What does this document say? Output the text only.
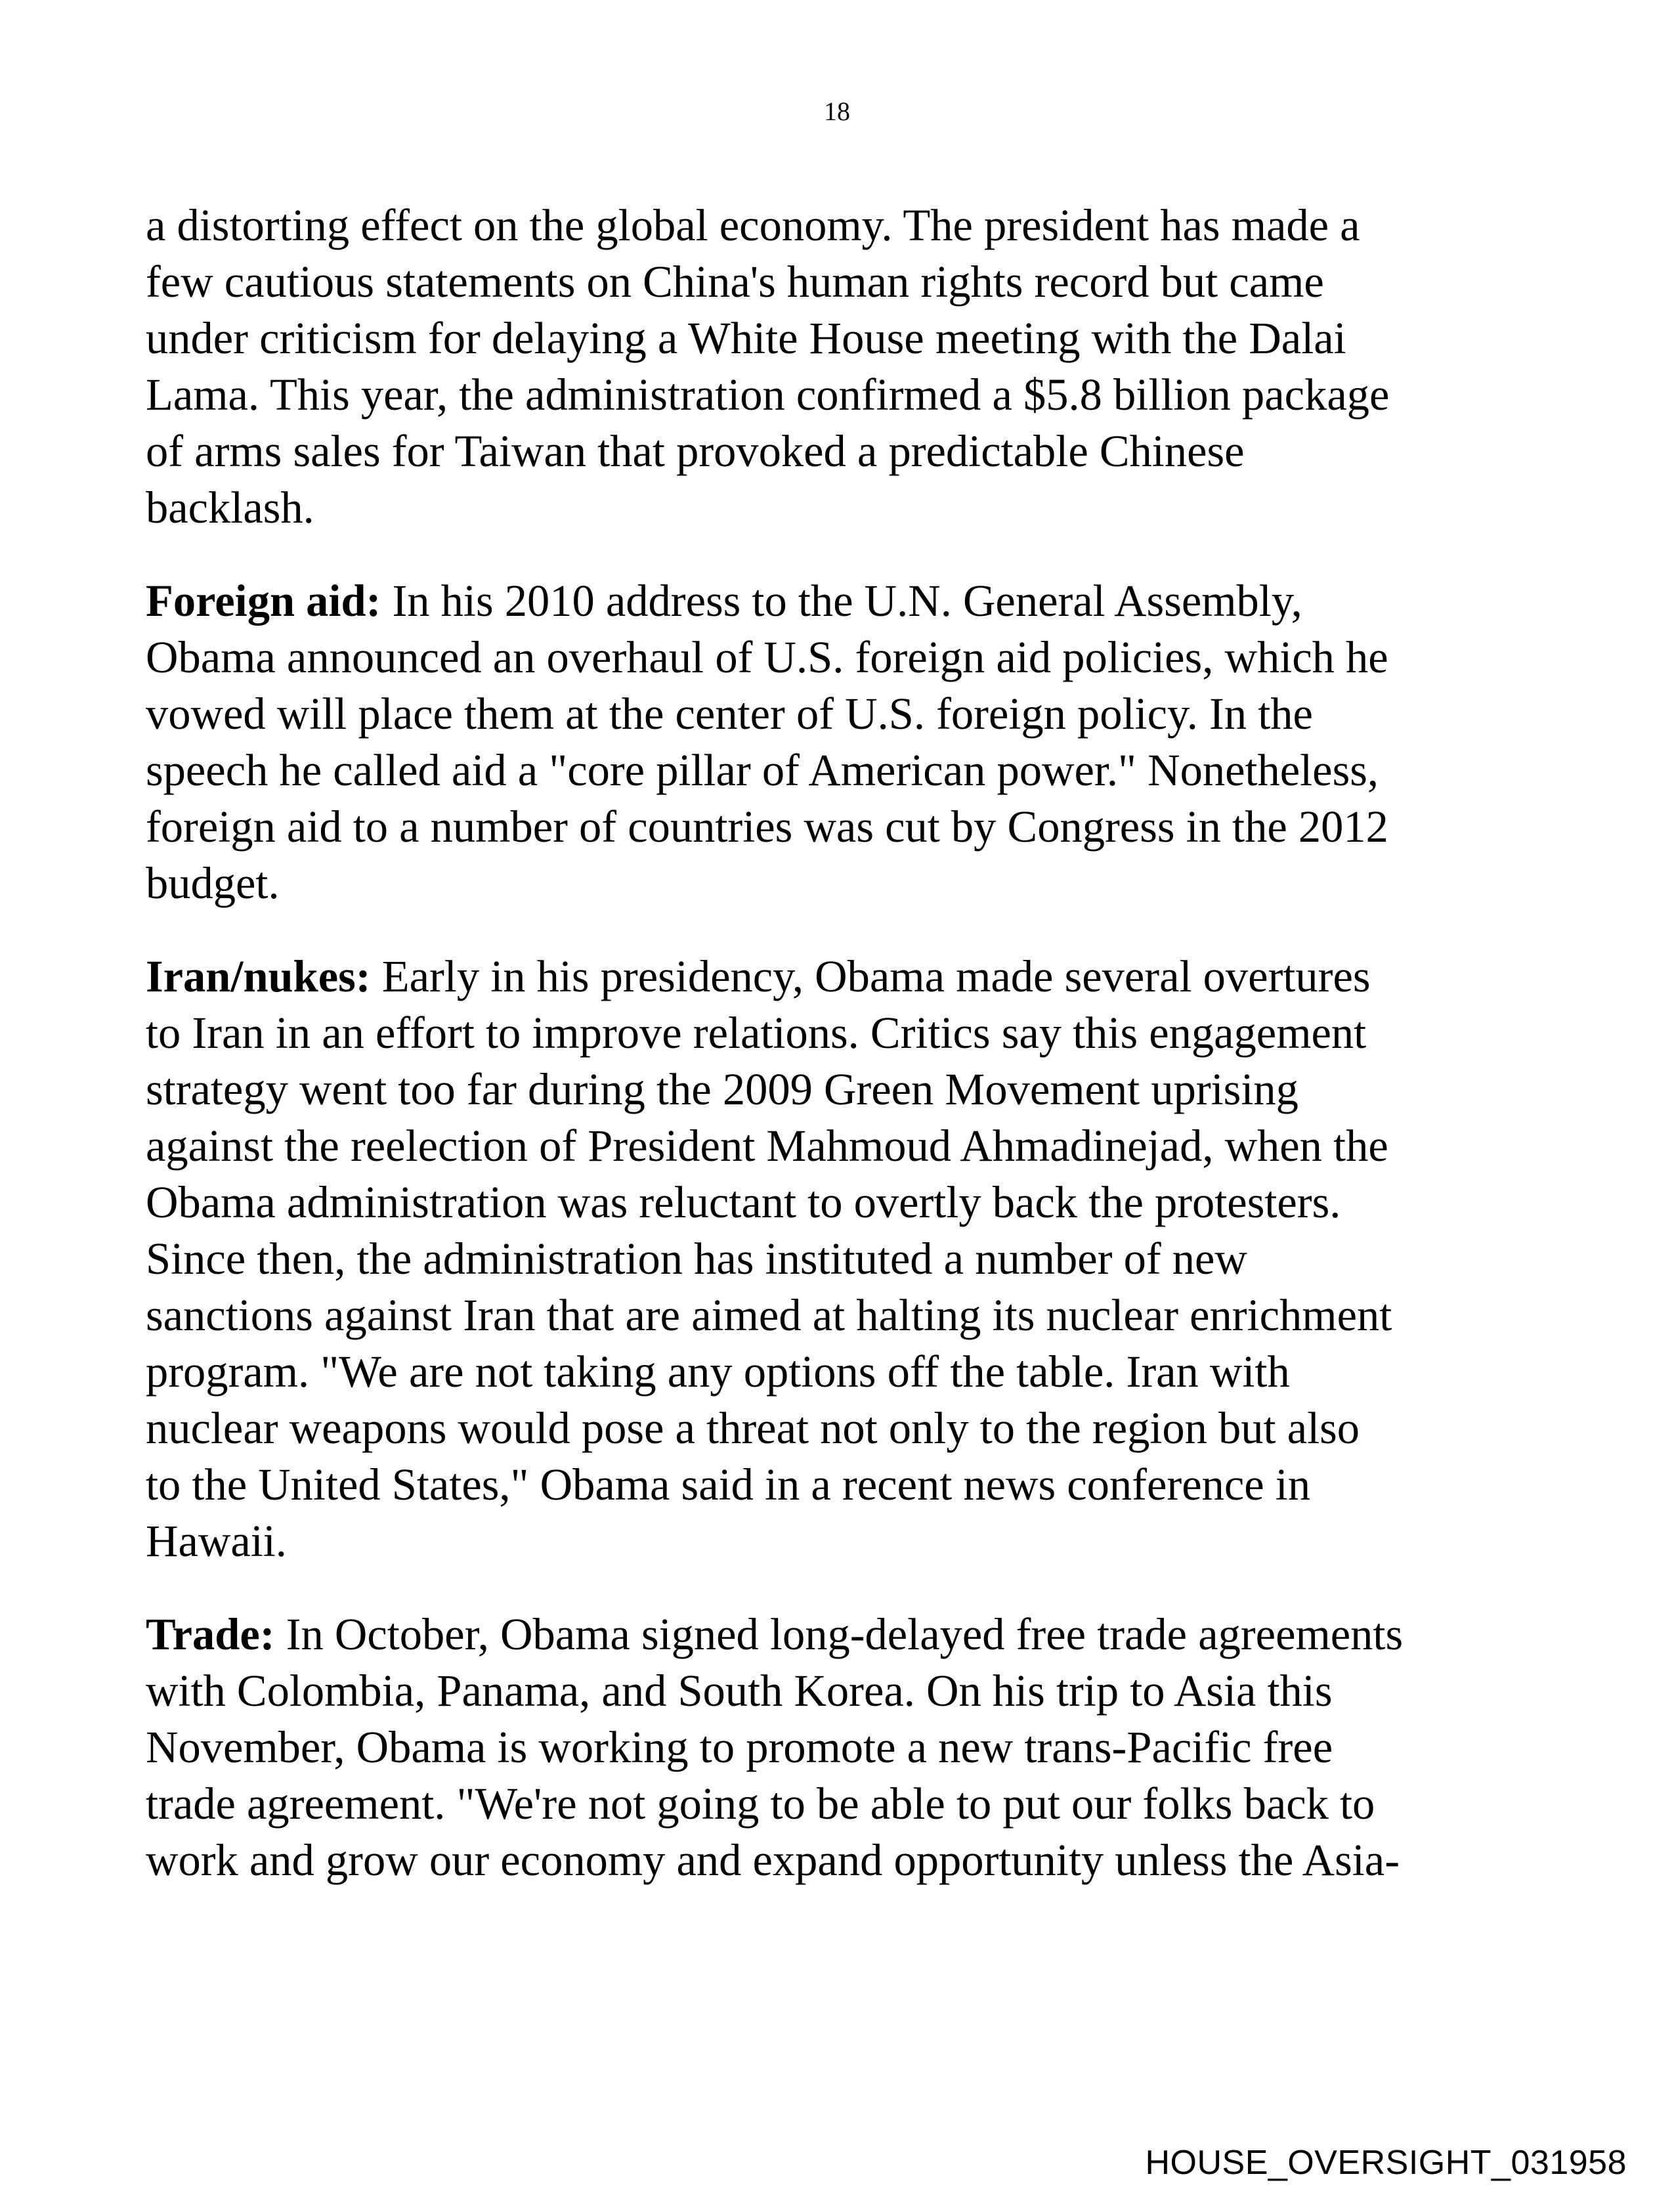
18
a distorting effect on the global economy. The president has made a
few cautious statements on China's human rights record but came
under criticism for delaying a White House meeting with the Dalai
Lama. This year, the administration confirmed a $5.8 billion package
of arms sales for Taiwan that provoked a predictable Chinese
backlash.
Foreign aid: In his 2010 address to the U.N. General Assembly,
Obama announced an overhaul of U.S. foreign aid policies, which he
vowed will place them at the center of U.S. foreign policy. In the
speech he called aid a "core pillar of American power." Nonetheless,
foreign aid to a number of countries was cut by Congress in the 2012
budget.
Iran/nukes: Early in his presidency, Obama made several overtures
to Iran in an effort to improve relations. Critics say this engagement
strategy went too far during the 2009 Green Movement uprising
against the reelection of President Mahmoud Ahmadinejad, when the
Obama administration was reluctant to overtly back the protesters.
Since then, the administration has instituted a number of new
sanctions against Iran that are aimed at halting its nuclear enrichment
program. "We are not taking any options off the table. Iran with
nuclear weapons would pose a threat not only to the region but also
to the United States," Obama said in a recent news conference in
Hawaii.
Trade: In October, Obama signed long-delayed free trade agreements
with Colombia, Panama, and South Korea. On his trip to Asia this
November, Obama is working to promote a new trans-Pacific free
trade agreement. "We're not going to be able to put our folks back to
work and grow our economy and expand opportunity unless the Asia-
HOUSE_OVERSIGHT_031958
